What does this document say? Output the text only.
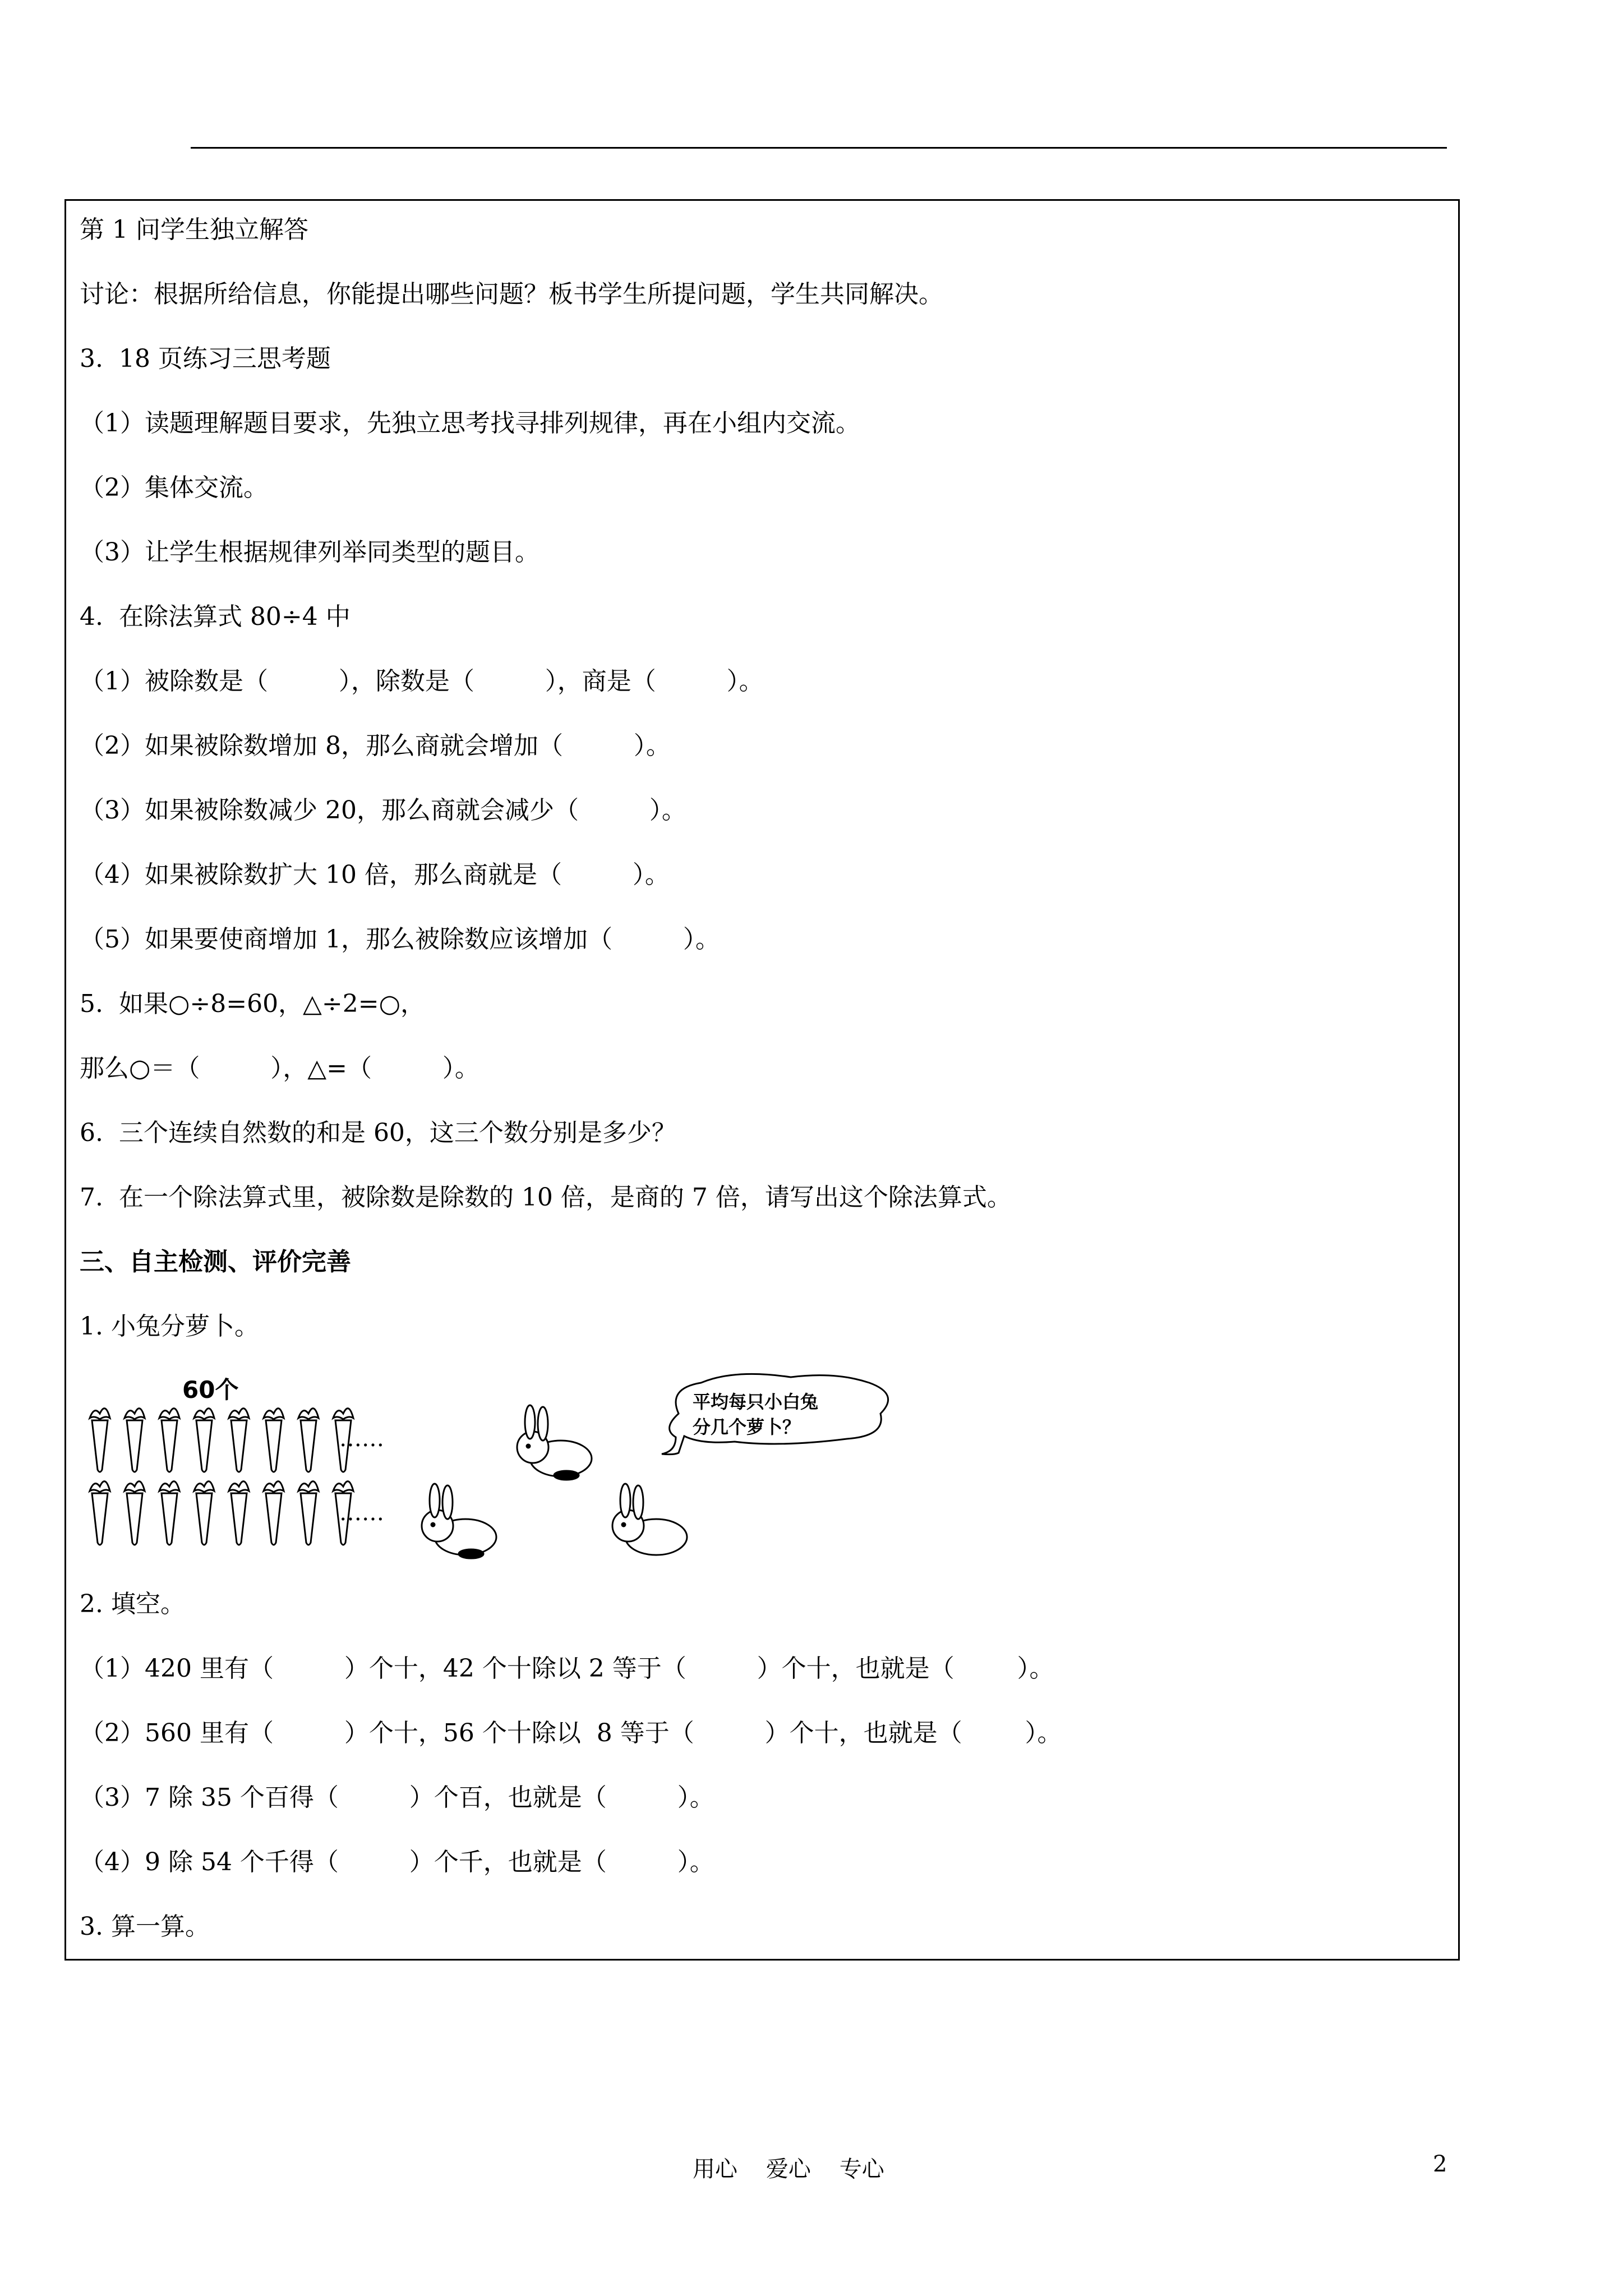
第 1 问学生独立解答
讨论：根据所给信息，你能提出哪些问题？板书学生所提问题，学生共同解决。
3.  18 页练习三思考题
（1）读题理解题目要求，先独立思考找寻排列规律，再在小组内交流。
（2）集体交流。
（3）让学生根据规律列举同类型的题目。
4.  在除法算式 80÷4 中
（1）被除数是（         ），除数是（         ），商是（         ）。
（2）如果被除数增加 8，那么商就会增加（         ）。
（3）如果被除数减少 20，那么商就会减少（         ）。
（4）如果被除数扩大 10 倍，那么商就是（         ）。
（5）如果要使商增加 1，那么被除数应该增加（         ）。
5.  如果○÷8=60，△÷2=○，
那么○＝（         ），△=（         ）。
6.  三个连续自然数的和是 60，这三个数分别是多少？
7.  在一个除法算式里，被除数是除数的 10 倍，是商的 7 倍，请写出这个除法算式。
三、自主检测、评价完善
1. 小兔分萝卜。
60个
……
……
平均每只小白兔
分几个萝卜？
2. 填空。
（1）420 里有（         ）个十，42 个十除以 2 等于（         ）个十，也就是（        ）。
（2）560 里有（         ）个十，56 个十除以  8 等于（         ）个十，也就是（        ）。
（3）7 除 35 个百得（         ）个百，也就是（         ）。
（4）9 除 54 个千得（         ）个千，也就是（         ）。
3. 算一算。
用心    爱心    专心	2
